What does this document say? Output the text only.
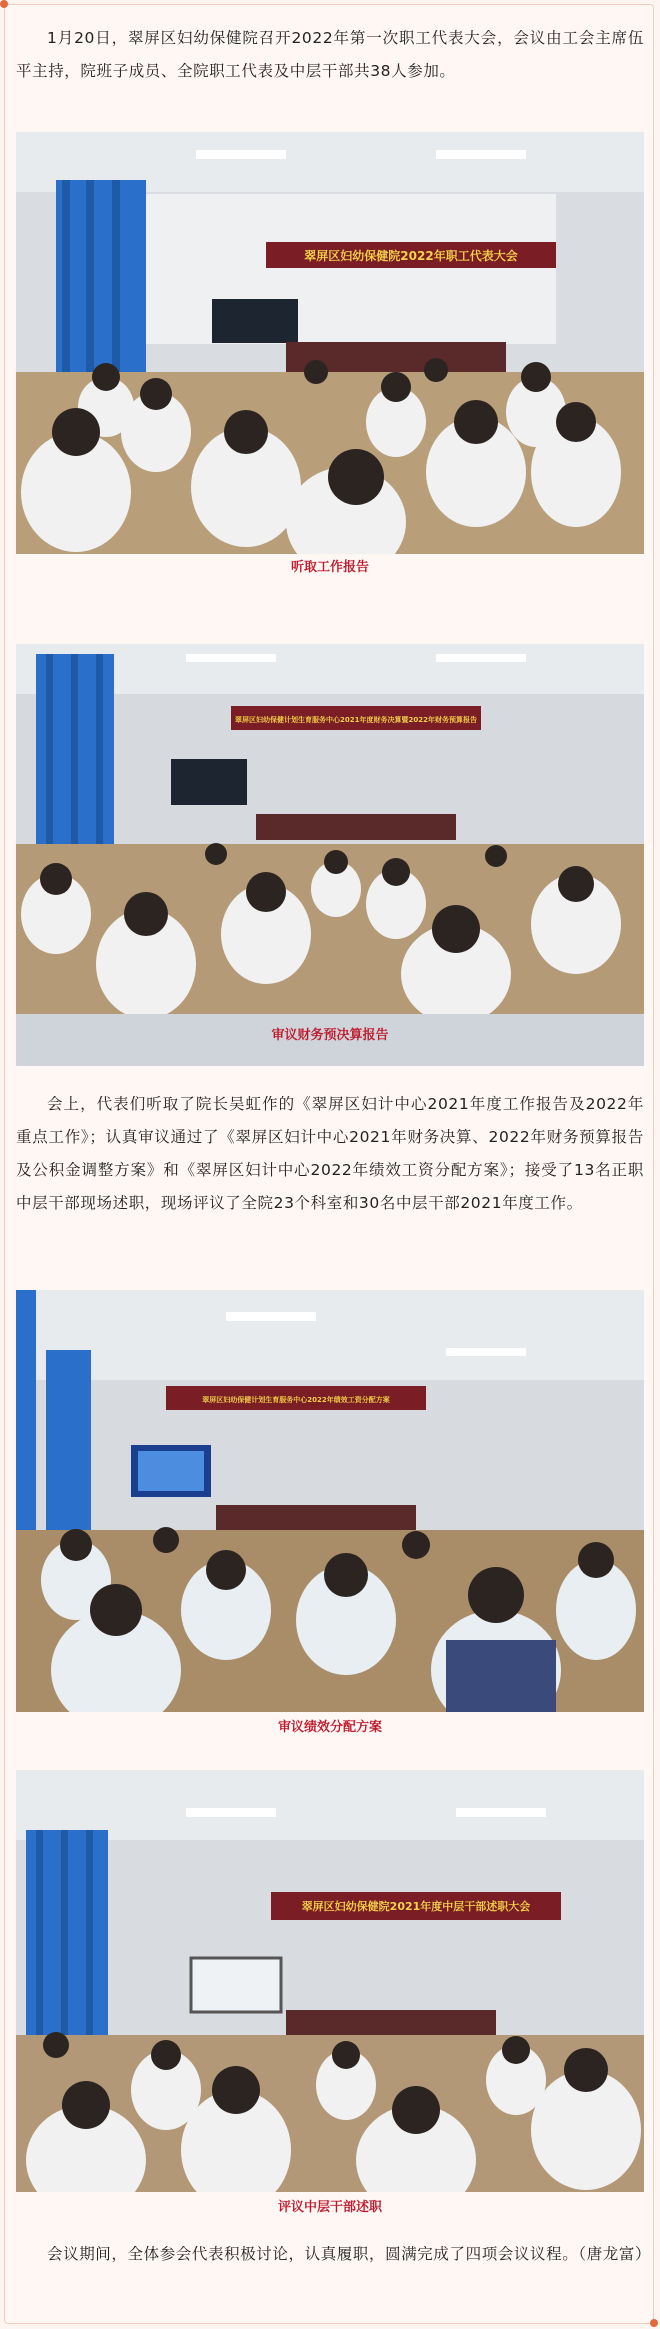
1月20日，翠屏区妇幼保健院召开2022年第一次职工代表大会，会议由工会主席伍平主持，院班子成员、全院职工代表及中层干部共38人参加。

翠屏区妇幼保健院2022年职工代表大会
听取工作报告
翠屏区妇幼保健计划生育服务中心2021年度财务决算暨2022年财务预算报告
审议财务预决算报告

会上，代表们听取了院长吴虹作的《翠屏区妇计中心2021年度工作报告及2022年重点工作》；认真审议通过了《翠屏区妇计中心2021年财务决算、2022年财务预算报告及公积金调整方案》和《翠屏区妇计中心2022年绩效工资分配方案》；接受了13名正职中层干部现场述职，现场评议了全院23个科室和30名中层干部2021年度工作。

翠屏区妇幼保健计划生育服务中心2022年绩效工资分配方案
审议绩效分配方案
翠屏区妇幼保健院2021年度中层干部述职大会
评议中层干部述职

会议期间，全体参会代表积极讨论，认真履职，圆满完成了四项会议议程。（唐龙富）
